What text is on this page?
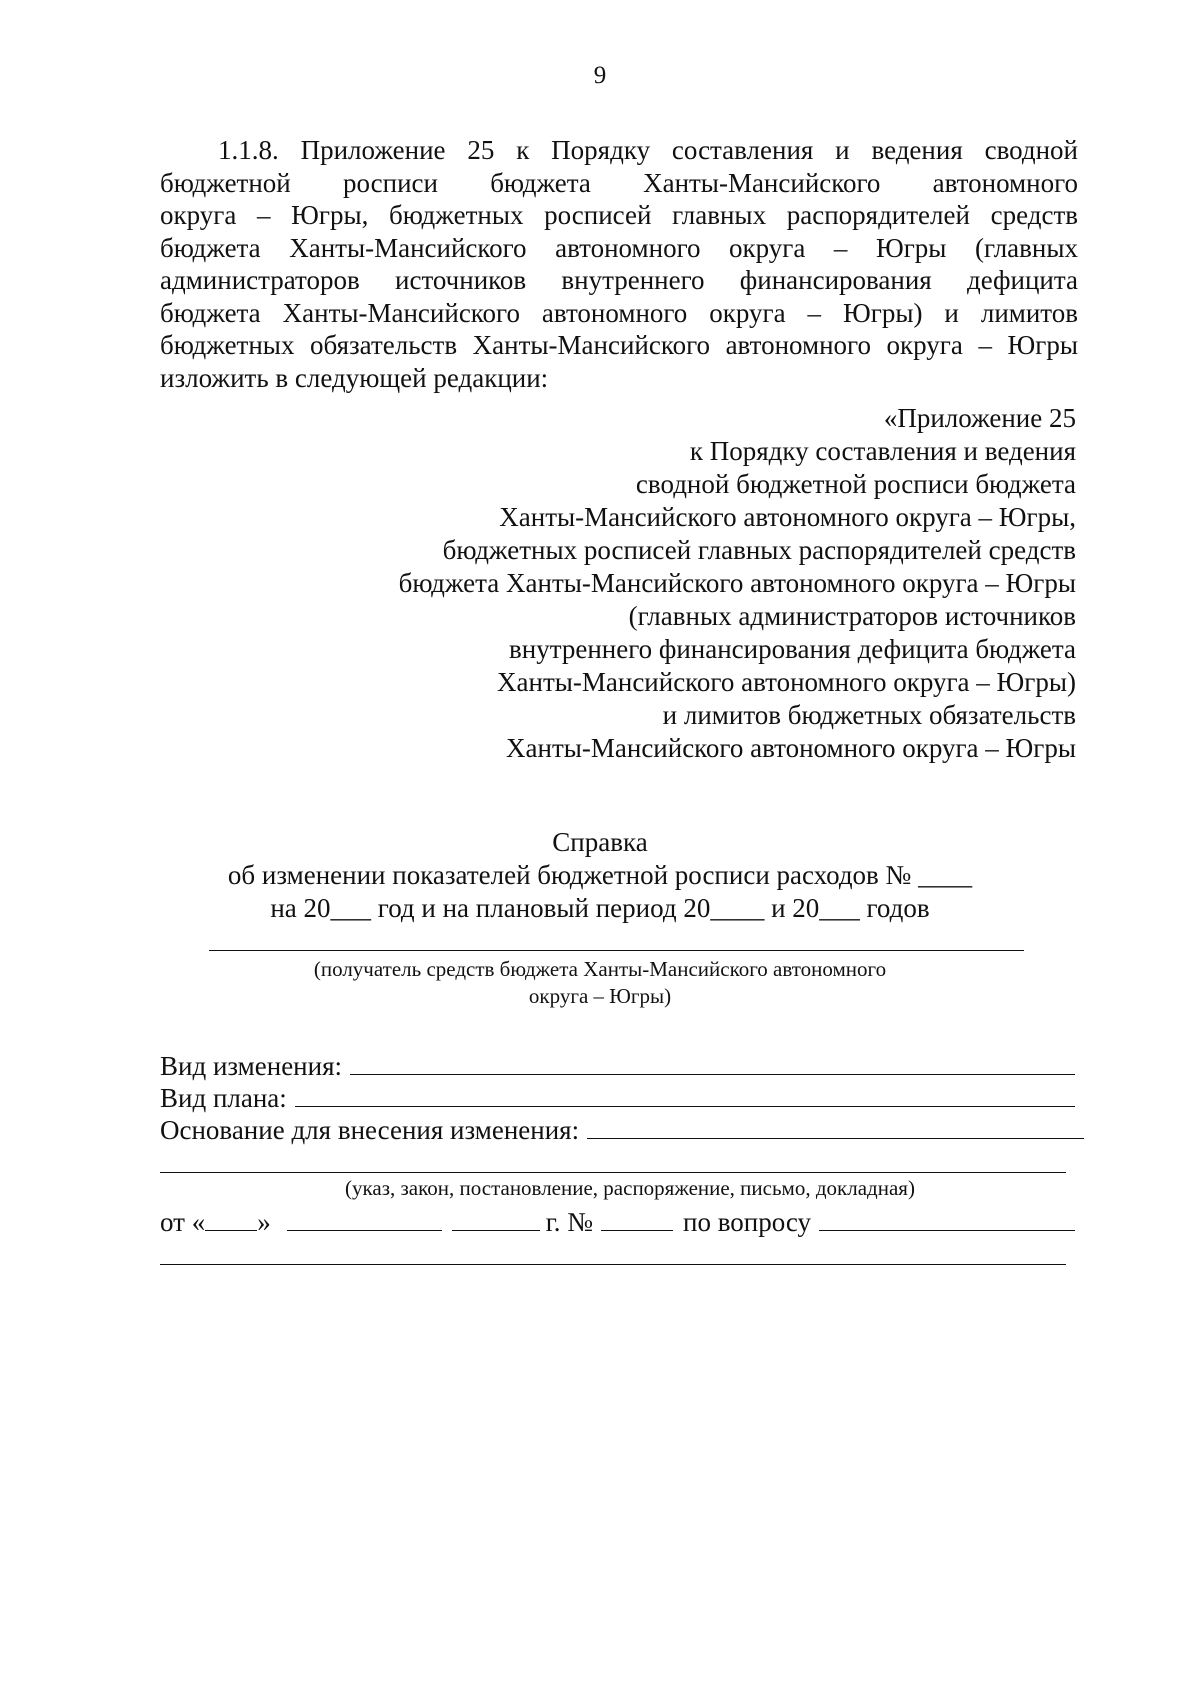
9
1.1.8. Приложение 25 к Порядку составления и ведения сводной
бюджетной росписи бюджета Ханты-Мансийского автономного
округа – Югры, бюджетных росписей главных распорядителей средств
бюджета Ханты-Мансийского автономного округа – Югры (главных
администраторов источников внутреннего финансирования дефицита
бюджета Ханты-Мансийского автономного округа – Югры) и лимитов
бюджетных обязательств Ханты-Мансийского автономного округа – Югры
изложить в следующей редакции:
«Приложение 25
к Порядку составления и ведения
сводной бюджетной росписи бюджета
Ханты-Мансийского автономного округа – Югры,
бюджетных росписей главных распорядителей средств
бюджета Ханты-Мансийского автономного округа – Югры
(главных администраторов источников
внутреннего финансирования дефицита бюджета
Ханты-Мансийского автономного округа – Югры)
и лимитов бюджетных обязательств
Ханты-Мансийского автономного округа – Югры
Справка
об изменении показателей бюджетной росписи расходов № ____
на 20___ год и на плановый период 20____ и 20___ годов
(получатель средств бюджета Ханты-Мансийского автономного
округа – Югры)
Вид изменения:
Вид плана:
Основание для внесения изменения:
(указ, закон, постановление, распоряжение, письмо, докладная)
от « »	г. №	по вопросу
